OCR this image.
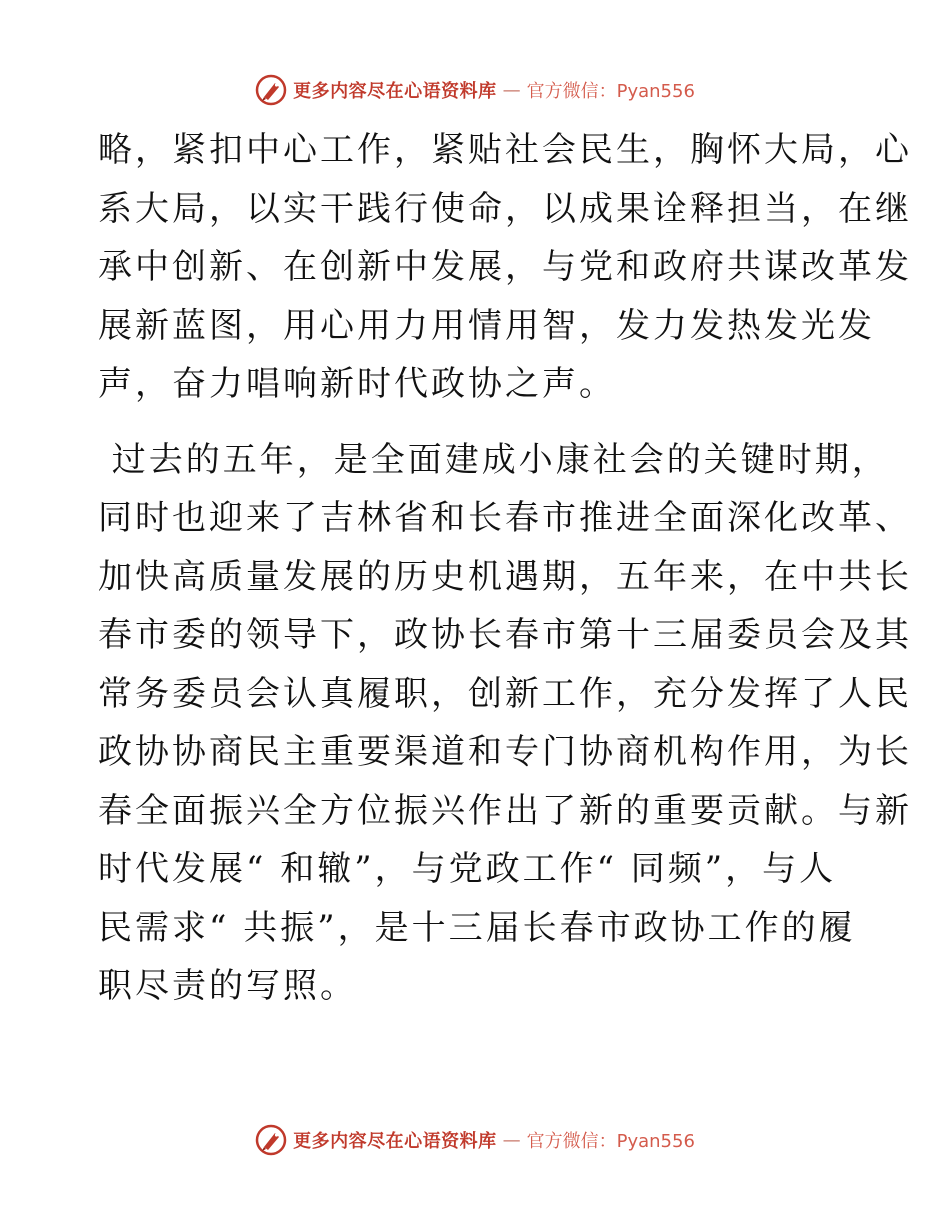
更多内容尽在心语资料库 — 官方微信：Pyan556

略，紧扣中心工作，紧贴社会民生，胸怀大局，心
系大局，以实干践行使命，以成果诠释担当，在继
承中创新、在创新中发展，与党和政府共谋改革发
展新蓝图，用心用力用情用智，发力发热发光发
声，奋力唱响新时代政协之声。

过去的五年，是全面建成小康社会的关键时期，
同时也迎来了吉林省和长春市推进全面深化改革、
加快高质量发展的历史机遇期，五年来，在中共长
春市委的领导下，政协长春市第十三届委员会及其
常务委员会认真履职，创新工作，充分发挥了人民
政协协商民主重要渠道和专门协商机构作用，为长
春全面振兴全方位振兴作出了新的重要贡献。与新
时代发展“ 和辙”，与党政工作“ 同频”，与人
民需求“ 共振”，是十三届长春市政协工作的履
职尽责的写照。

更多内容尽在心语资料库 — 官方微信：Pyan556
